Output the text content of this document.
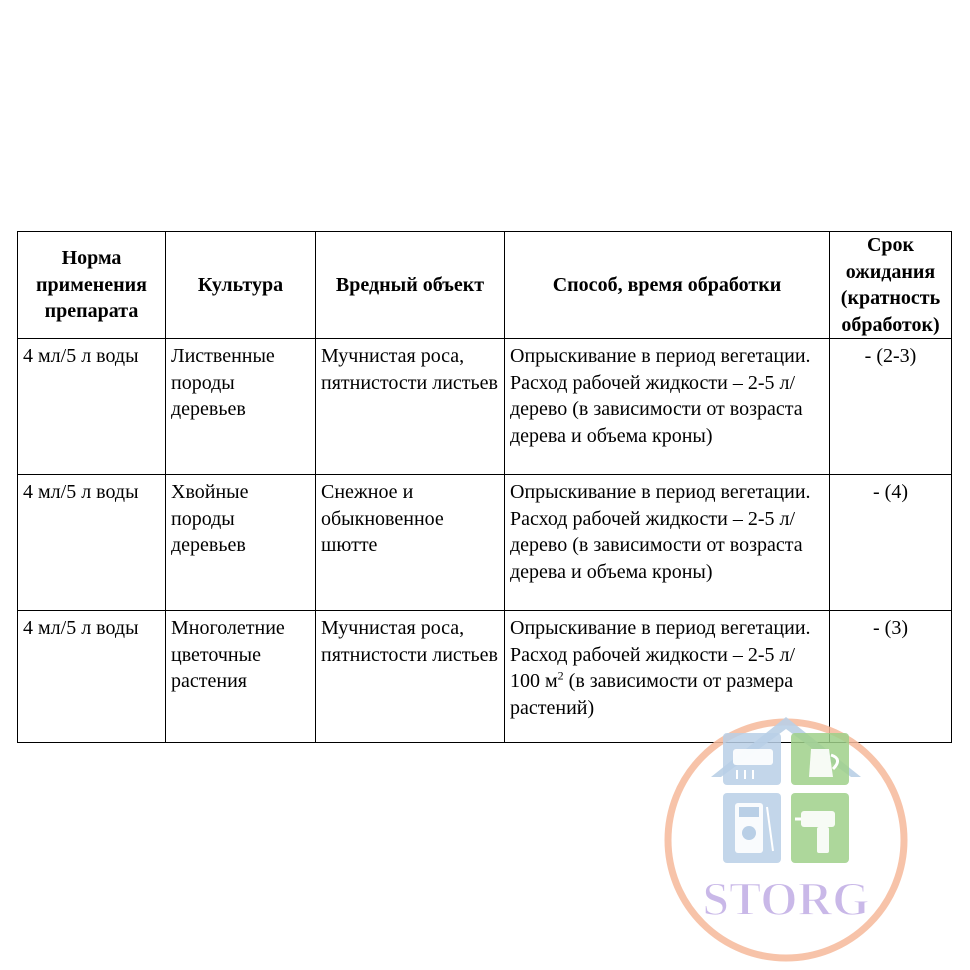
Норма применения препарата	Культура	Вредный объект	Способ, время обработки	Срок ожидания (кратность обработок)
4 мл/5 л воды	Лиственные породы деревьев	Мучнистая роса, пятнистости листьев	Опрыскивание в период вегетации. Расход рабочей жидкости – 2-5 л/ дерево (в зависимости от возраста дерева и объема кроны)	- (2-3)
4 мл/5 л воды	Хвойные породы деревьев	Снежное и обыкновенное шютте	Опрыскивание в период вегетации. Расход рабочей жидкости – 2-5 л/ дерево (в зависимости от возраста дерева и объема кроны)	- (4)
4 мл/5 л воды	Многолетние цветочные растения	Мучнистая роса, пятнистости листьев	Опрыскивание в период вегетации. Расход рабочей жидкости – 2-5 л/ 100 $м^2$ (в зависимости от размера растений)	- (3)
STORG
